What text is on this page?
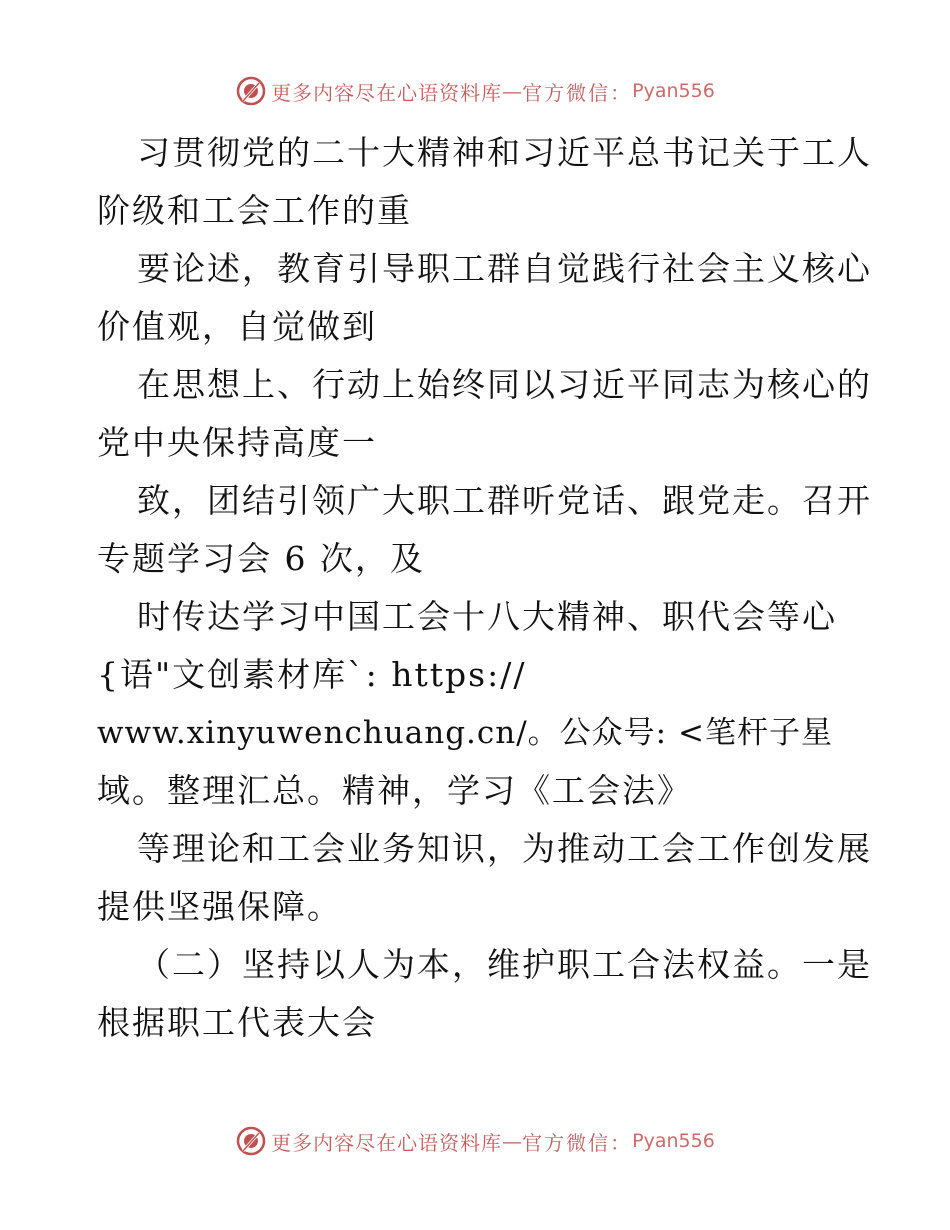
更多内容尽在心语资料库 — 官方微信： Pyan556
习贯彻党的二十大精神和习近平总书记关于工人
阶级和工会工作的重
要论述，教育引导职工群自觉践行社会主义核心
价值观，自觉做到
在思想上、行动上始终同以习近平同志为核心的
党中央保持高度一
致，团结引领广大职工群听党话、跟党走。召开
专题学习会 6 次，及
时传达学习中国工会十八大精神、职代会等心
{语"文创素材库`: https://
www.xinyuwenchuang.cn/。公众号: <笔杆子星
域。整理汇总。精神，学习《工会法》
等理论和工会业务知识，为推动工会工作创发展
提供坚强保障。
（二）坚持以人为本，维护职工合法权益。一是
根据职工代表大会
更多内容尽在心语资料库 — 官方微信： Pyan556
